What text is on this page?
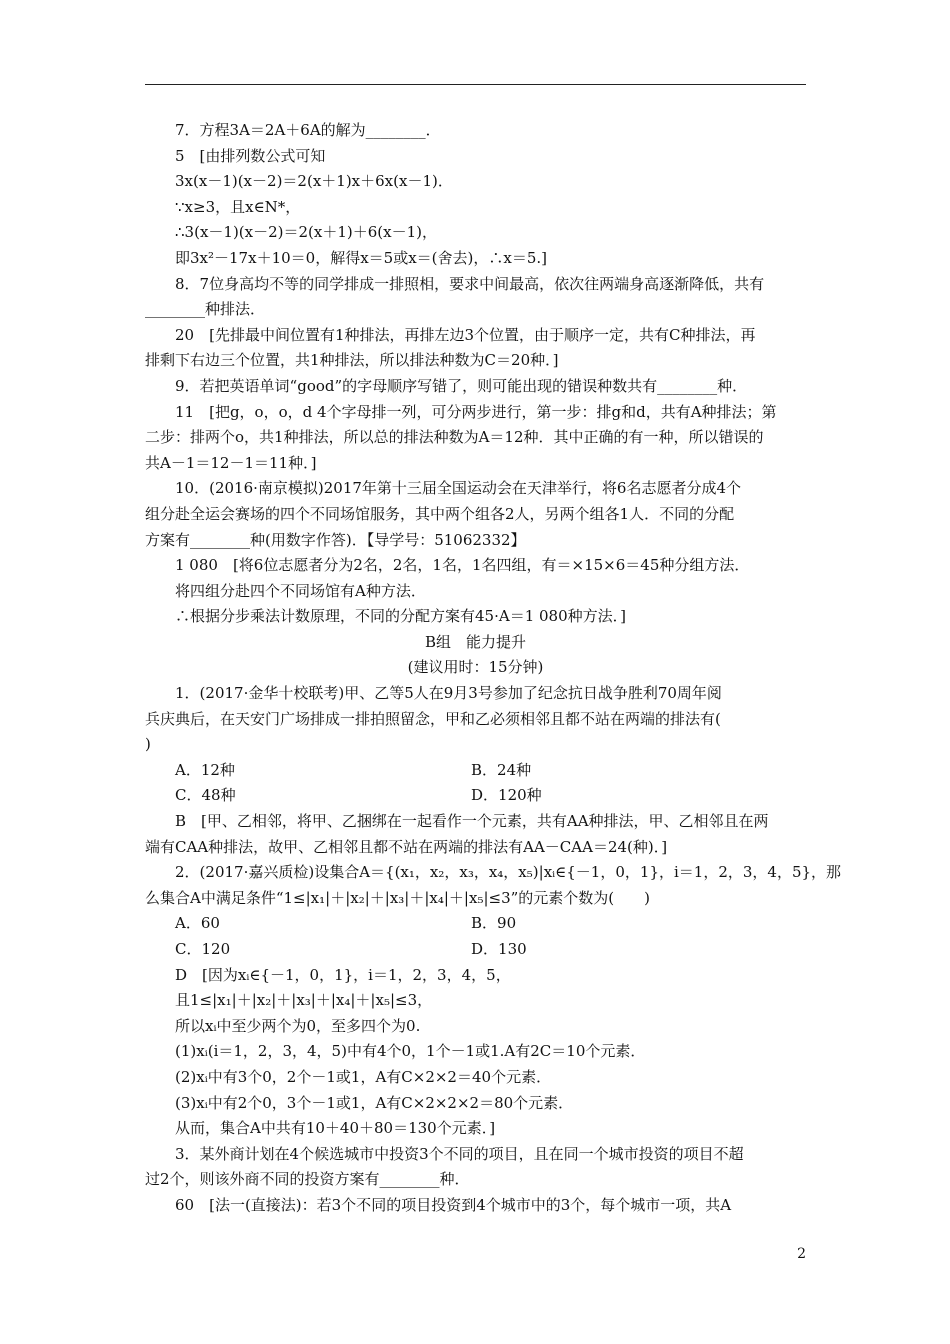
7．方程3A＝2A＋6A的解为________．
5　[由排列数公式可知
3x(x－1)(x－2)＝2(x＋1)x＋6x(x－1)．
∵x≥3，且x∈N*，
∴3(x－1)(x－2)＝2(x＋1)＋6(x－1)，
即3x²－17x＋10＝0，解得x＝5或x＝(舍去)，∴x＝5.]
8．7位身高均不等的同学排成一排照相，要求中间最高，依次往两端身高逐渐降低，共有
________种排法．
20　[先排最中间位置有1种排法，再排左边3个位置，由于顺序一定，共有C种排法，再
排剩下右边三个位置，共1种排法，所以排法种数为C＝20种．]
9．若把英语单词“good”的字母顺序写错了，则可能出现的错误种数共有________种．
11　[把g，o，o，d 4个字母排一列，可分两步进行，第一步：排g和d，共有A种排法；第
二步：排两个o，共1种排法，所以总的排法种数为A＝12种．其中正确的有一种，所以错误的
共A－1＝12－1＝11种．]
10．(2016·南京模拟)2017年第十三届全国运动会在天津举行，将6名志愿者分成4个
组分赴全运会赛场的四个不同场馆服务，其中两个组各2人，另两个组各1人．不同的分配
方案有________种(用数字作答)．【导学号：51062332】
1 080　[将6位志愿者分为2名，2名，1名，1名四组，有＝×15×6＝45种分组方法．
将四组分赴四个不同场馆有A种方法．
∴根据分步乘法计数原理，不同的分配方案有45·A＝1 080种方法．]
B组　能力提升
(建议用时：15分钟)
1．(2017·金华十校联考)甲、乙等5人在9月3号参加了纪念抗日战争胜利70周年阅
兵庆典后，在天安门广场排成一排拍照留念，甲和乙必须相邻且都不站在两端的排法有(
)
A．12种	B．24种
C．48种	D．120种
B　[甲、乙相邻，将甲、乙捆绑在一起看作一个元素，共有AA种排法，甲、乙相邻且在两
端有CAA种排法，故甲、乙相邻且都不站在两端的排法有AA－CAA＝24(种)．]
2．(2017·嘉兴质检)设集合A＝{(x₁，x₂，x₃，x₄，x₅)|xᵢ∈{－1，0，1}，i＝1，2，3，4，5}，那
么集合A中满足条件“1≤|x₁|＋|x₂|＋|x₃|＋|x₄|＋|x₅|≤3”的元素个数为(　　)
A．60	B．90
C．120	D．130
D　[因为xᵢ∈{－1，0，1}，i＝1，2，3，4，5，
且1≤|x₁|＋|x₂|＋|x₃|＋|x₄|＋|x₅|≤3，
所以xᵢ中至少两个为0，至多四个为0.
(1)xᵢ(i＝1，2，3，4，5)中有4个0，1个－1或1.A有2C＝10个元素．
(2)xᵢ中有3个0，2个－1或1，A有C×2×2＝40个元素．
(3)xᵢ中有2个0，3个－1或1，A有C×2×2×2＝80个元素．
从而，集合A中共有10＋40＋80＝130个元素．]
3．某外商计划在4个候选城市中投资3个不同的项目，且在同一个城市投资的项目不超
过2个，则该外商不同的投资方案有________种．
60　[法一(直接法)：若3个不同的项目投资到4个城市中的3个，每个城市一项，共A
2
